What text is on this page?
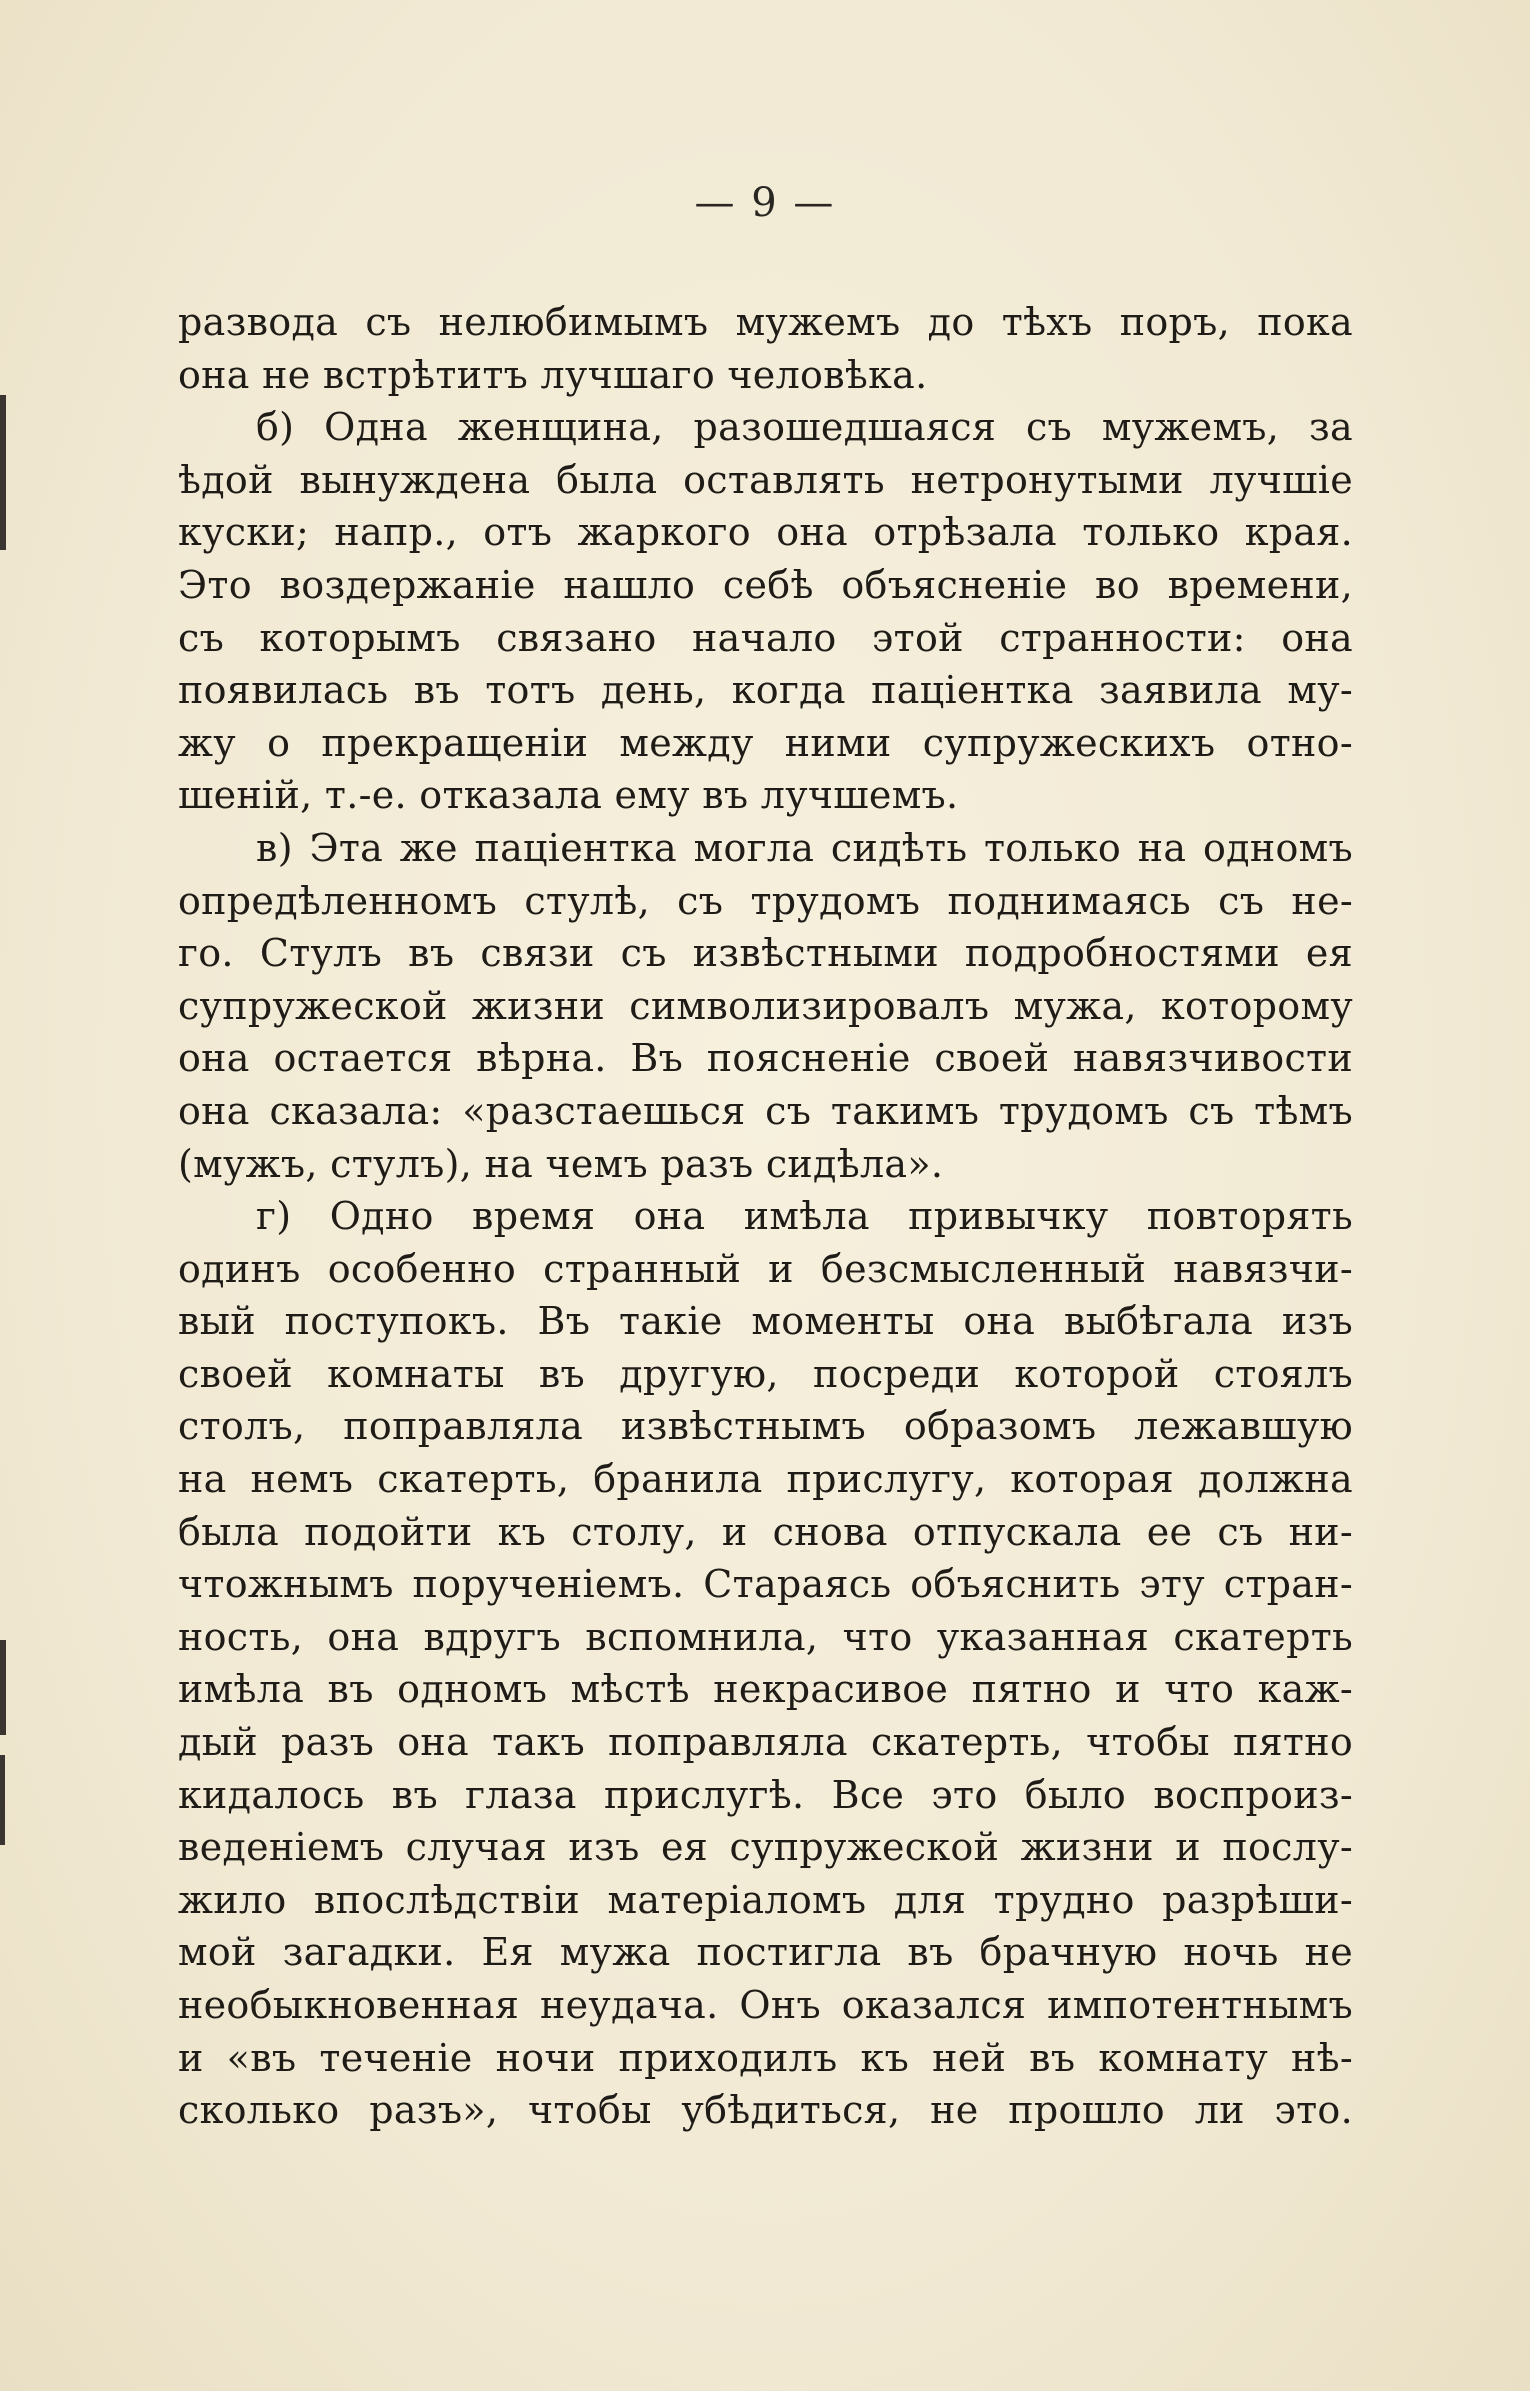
— 9 —
развода съ нелюбимымъ мужемъ до тѣхъ поръ, пока
она не встрѣтитъ лучшаго человѣка.
б) Одна женщина, разошедшаяся съ мужемъ, за
ѣдой вынуждена была оставлять нетронутыми лучшіе
куски; напр., отъ жаркого она отрѣзала только края.
Это воздержаніе нашло себѣ объясненіе во времени,
съ которымъ связано начало этой странности: она
появилась въ тотъ день, когда паціентка заявила му-
жу о прекращеніи между ними супружескихъ отно-
шеній, т.-е. отказала ему въ лучшемъ.
в) Эта же паціентка могла сидѣть только на одномъ
опредѣленномъ стулѣ, съ трудомъ поднимаясь съ не-
го. Стулъ въ связи съ извѣстными подробностями ея
супружеской жизни символизировалъ мужа, которому
она остается вѣрна. Въ поясненіе своей навязчивости
она сказала: «разстаешься съ такимъ трудомъ съ тѣмъ
(мужъ, стулъ), на чемъ разъ сидѣла».
г) Одно время она имѣла привычку повторять
одинъ особенно странный и безсмысленный навязчи-
вый поступокъ. Въ такіе моменты она выбѣгала изъ
своей комнаты въ другую, посреди которой стоялъ
столъ, поправляла извѣстнымъ образомъ лежавшую
на немъ скатерть, бранила прислугу, которая должна
была подойти къ столу, и снова отпускала ее съ ни-
чтожнымъ порученіемъ. Стараясь объяснить эту стран-
ность, она вдругъ вспомнила, что указанная скатерть
имѣла въ одномъ мѣстѣ некрасивое пятно и что каж-
дый разъ она такъ поправляла скатерть, чтобы пятно
кидалось въ глаза прислугѣ. Все это было воспроиз-
веденіемъ случая изъ ея супружеской жизни и послу-
жило впослѣдствіи матеріаломъ для трудно разрѣши-
мой загадки. Ея мужа постигла въ брачную ночь не
необыкновенная неудача. Онъ оказался импотентнымъ
и «въ теченіе ночи приходилъ къ ней въ комнату нѣ-
сколько разъ», чтобы убѣдиться, не прошло ли это.
